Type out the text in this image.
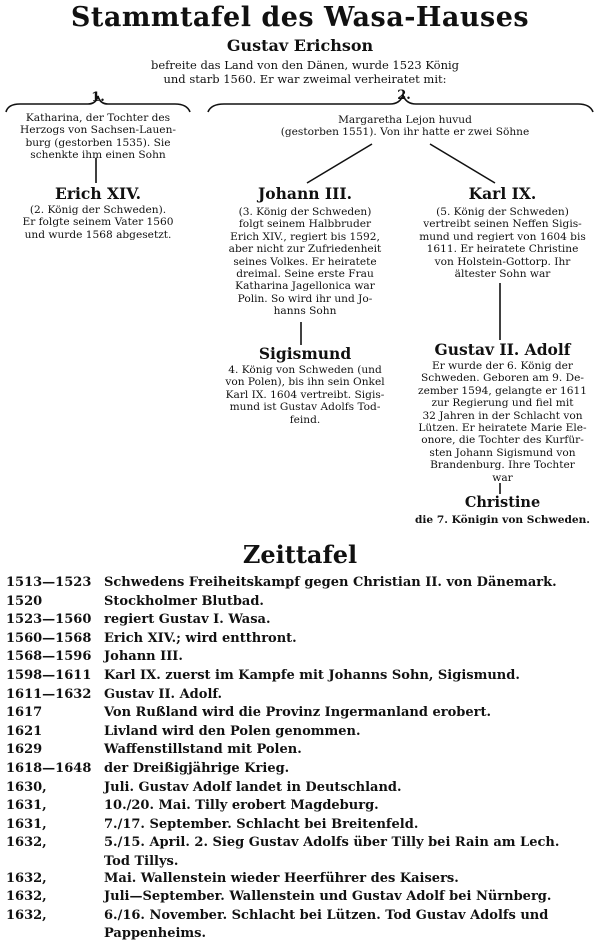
Stammtafel des Wasa-Hauses
Gustav Erichson
befreite das Land von den Dänen, wurde 1523 König
und starb 1560. Er war zweimal verheiratet mit:
1.	2.
Katharina, der Tochter des
Herzogs von Sachsen-Lauen-
burg (gestorben 1535). Sie
schenkte ihm einen Sohn
Margaretha Lejon huvud
(gestorben 1551). Von ihr hatte er zwei Söhne
Erich XIV.
(2. König der Schweden).
Er folgte seinem Vater 1560
und wurde 1568 abgesetzt.
Johann III.
(3. König der Schweden)
folgt seinem Halbbruder
Erich XIV., regiert bis 1592,
aber nicht zur Zufriedenheit
seines Volkes. Er heiratete
dreimal. Seine erste Frau
Katharina Jagellonica war
Polin. So wird ihr und Jo-
hanns Sohn
Karl IX.
(5. König der Schweden)
vertreibt seinen Neffen Sigis-
mund und regiert von 1604 bis
1611. Er heiratete Christine
von Holstein-Gottorp. Ihr
ältester Sohn war
Sigismund
4. König von Schweden (und
von Polen), bis ihn sein Onkel
Karl IX. 1604 vertreibt. Sigis-
mund ist Gustav Adolfs Tod-
feind.
Gustav II. Adolf
Er wurde der 6. König der
Schweden. Geboren am 9. De-
zember 1594, gelangte er 1611
zur Regierung und fiel mit
32 Jahren in der Schlacht von
Lützen. Er heiratete Marie Ele-
onore, die Tochter des Kurfür-
sten Johann Sigismund von
Brandenburg. Ihre Tochter
war
Christine
die 7. Königin von Schweden.
Zeittafel
1513—1523 Schwedens Freiheitskampf gegen Christian II. von Dänemark.
1520	Stockholmer Blutbad.
1523—1560 regiert Gustav I. Wasa.
1560—1568 Erich XIV.; wird entthront.
1568—1596 Johann III.
1598—1611 Karl IX. zuerst im Kampfe mit Johanns Sohn, Sigismund.
1611—1632 Gustav II. Adolf.
1617	Von Rußland wird die Provinz Ingermanland erobert.
1621	Livland wird den Polen genommen.
1629	Waffenstillstand mit Polen.
1618—1648 der Dreißigjährige Krieg.
1630,	Juli. Gustav Adolf landet in Deutschland.
1631,	10./20. Mai. Tilly erobert Magdeburg.
1631,	7./17. September. Schlacht bei Breitenfeld.
1632,	5./15. April. 2. Sieg Gustav Adolfs über Tilly bei Rain am Lech.
Tod Tillys.
1632,	Mai. Wallenstein wieder Heerführer des Kaisers.
1632,	Juli—September. Wallenstein und Gustav Adolf bei Nürnberg.
1632,	6./16. November. Schlacht bei Lützen. Tod Gustav Adolfs und
Pappenheims.
